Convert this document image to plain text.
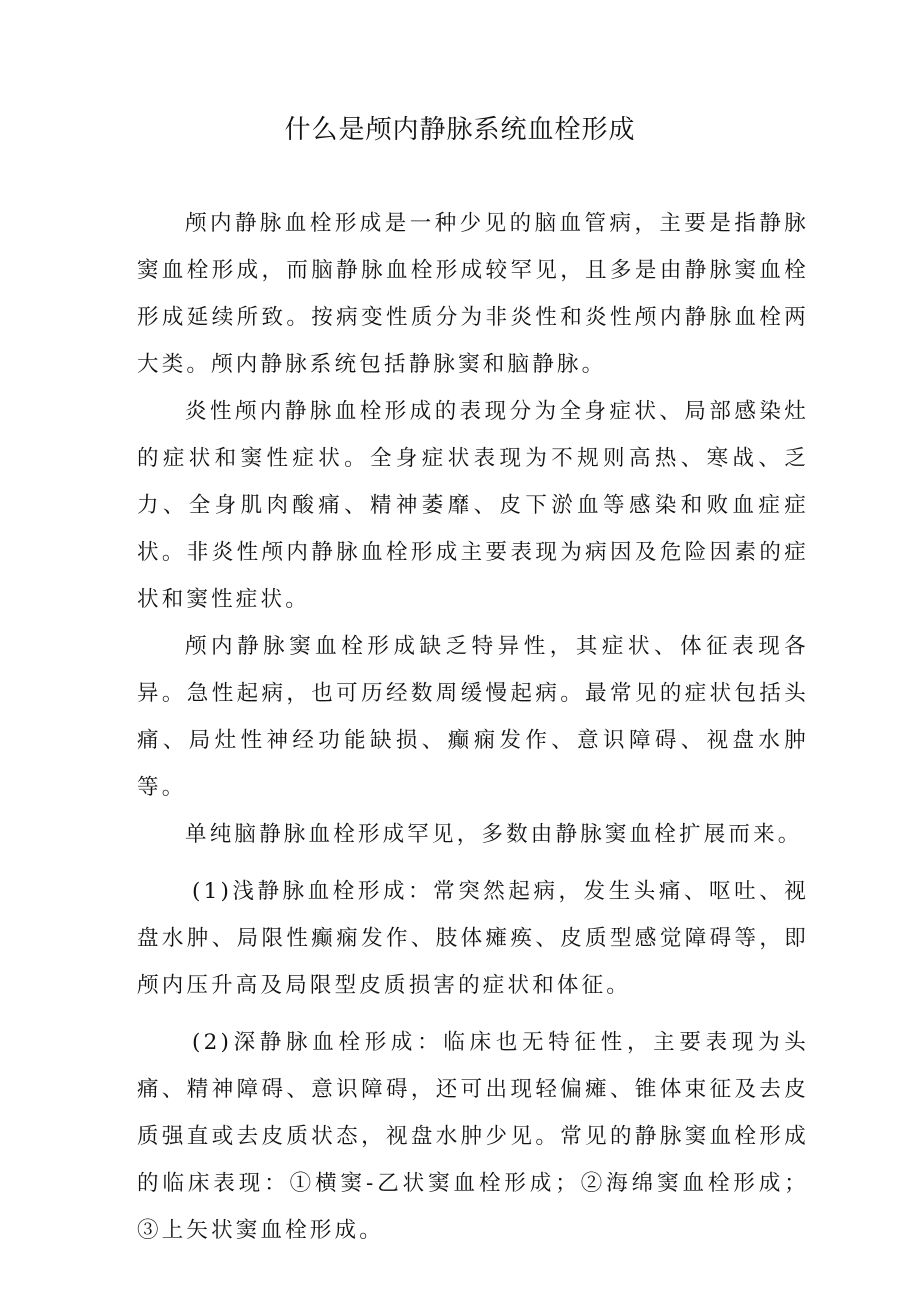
什么是颅内静脉系统血栓形成

颅内静脉血栓形成是一种少见的脑血管病，主要是指静脉窦血栓形成，而脑静脉血栓形成较罕见，且多是由静脉窦血栓形成延续所致。按病变性质分为非炎性和炎性颅内静脉血栓两大类。颅内静脉系统包括静脉窦和脑静脉。

炎性颅内静脉血栓形成的表现分为全身症状、局部感染灶的症状和窦性症状。全身症状表现为不规则高热、寒战、乏力、全身肌肉酸痛、精神萎靡、皮下淤血等感染和败血症症状。非炎性颅内静脉血栓形成主要表现为病因及危险因素的症状和窦性症状。

颅内静脉窦血栓形成缺乏特异性，其症状、体征表现各异。急性起病，也可历经数周缓慢起病。最常见的症状包括头痛、局灶性神经功能缺损、癫痫发作、意识障碍、视盘水肿等。

单纯脑静脉血栓形成罕见，多数由静脉窦血栓扩展而来。

(1)浅静脉血栓形成：常突然起病，发生头痛、呕吐、视盘水肿、局限性癫痫发作、肢体瘫痪、皮质型感觉障碍等，即颅内压升高及局限型皮质损害的症状和体征。

(2)深静脉血栓形成：临床也无特征性，主要表现为头痛、精神障碍、意识障碍，还可出现轻偏瘫、锥体束征及去皮质强直或去皮质状态，视盘水肿少见。常见的静脉窦血栓形成的临床表现：①横窦-乙状窦血栓形成；②海绵窦血栓形成；③上矢状窦血栓形成。
